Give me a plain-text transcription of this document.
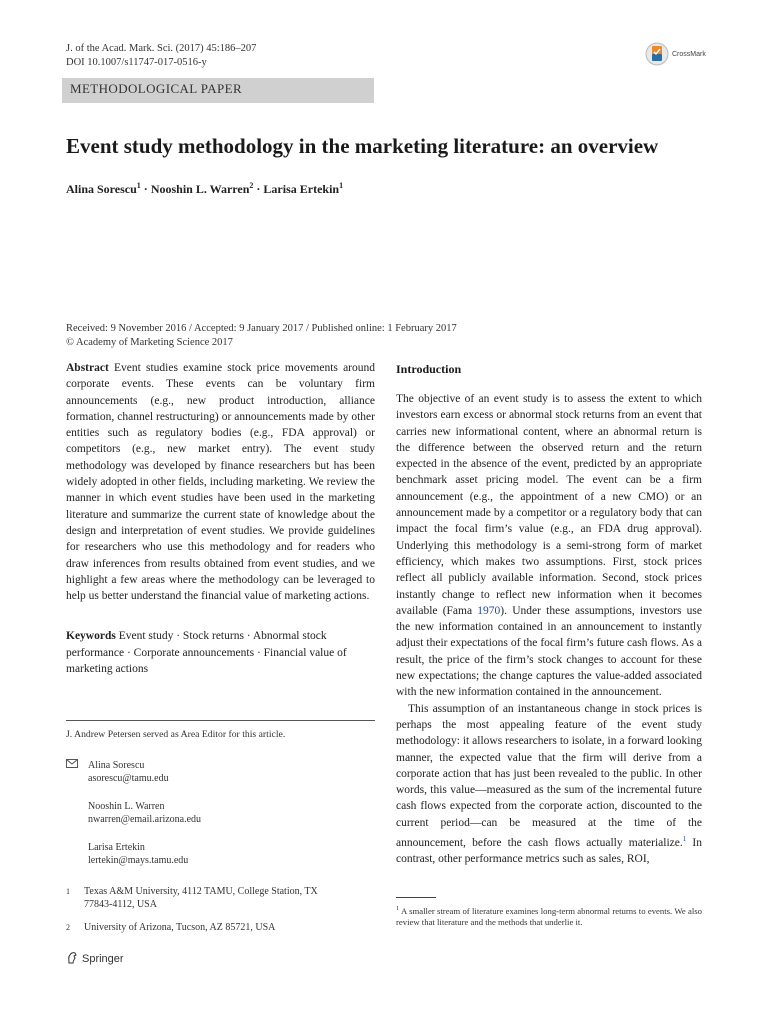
J. of the Acad. Mark. Sci. (2017) 45:186–207
DOI 10.1007/s11747-017-0516-y
CrossMark
METHODOLOGICAL PAPER
Event study methodology in the marketing literature: an overview
Alina Sorescu$^1$ · Nooshin L. Warren$^2$ · Larisa Ertekin$^1$
Received: 9 November 2016 / Accepted: 9 January 2017 / Published online: 1 February 2017
© Academy of Marketing Science 2017

Abstract Event studies examine stock price movements around corporate events. These events can be voluntary firm announcements (e.g., new product introduction, alliance formation, channel restructuring) or announcements made by other entities such as regulatory bodies (e.g., FDA approval) or competitors (e.g., new market entry). The event study methodology was developed by finance researchers but has been widely adopted in other fields, including marketing. We review the manner in which event studies have been used in the marketing literature and summarize the current state of knowledge about the design and interpretation of event studies. We provide guidelines for researchers who use this methodology and for readers who draw inferences from results obtained from event studies, and we highlight a few areas where the methodology can be leveraged to help us better understand the financial value of marketing actions.

Keywords Event study · Stock returns · Abnormal stock performance · Corporate announcements · Financial value of marketing actions

J. Andrew Petersen served as Area Editor for this article.
Alina Sorescu
asorescu@tamu.edu
Nooshin L. Warren
nwarren@email.arizona.edu
Larisa Ertekin
lertekin@mays.tamu.edu
1	Texas A&M University, 4112 TAMU, College Station, TX 77843-4112, USA
2	University of Arizona, Tucson, AZ 85721, USA
Introduction

The objective of an event study is to assess the extent to which investors earn excess or abnormal stock returns from an event that carries new informational content, where an abnormal return is the difference between the observed return and the return expected in the absence of the event, predicted by an appropriate benchmark asset pricing model. The event can be a firm announcement (e.g., the appointment of a new CMO) or an announcement made by a competitor or a regulatory body that can impact the focal firm’s value (e.g., an FDA drug approval). Underlying this methodology is a semi-strong form of market efficiency, which makes two assumptions. First, stock prices reflect all publicly available information. Second, stock prices instantly change to reflect new information when it becomes available (Fama 1970). Under these assumptions, investors use the new information contained in an announcement to instantly adjust their expectations of the focal firm’s future cash flows. As a result, the price of the firm’s stock changes to account for these new expectations; the change captures the value-added associated with the new information contained in the announcement.

This assumption of an instantaneous change in stock prices is perhaps the most appealing feature of the event study methodology: it allows researchers to isolate, in a forward looking manner, the expected value that the firm will derive from a corporate action that has just been revealed to the public. In other words, this value—measured as the sum of the incremental future cash flows expected from the corporate action, discounted to the current period—can be measured at the time of the announcement, before the cash flows actually materialize.$^1$ In contrast, other performance metrics such as sales, ROI,

$^1$ A smaller stream of literature examines long-term abnormal returns to events. We also review that literature and the methods that underlie it.
Springer
